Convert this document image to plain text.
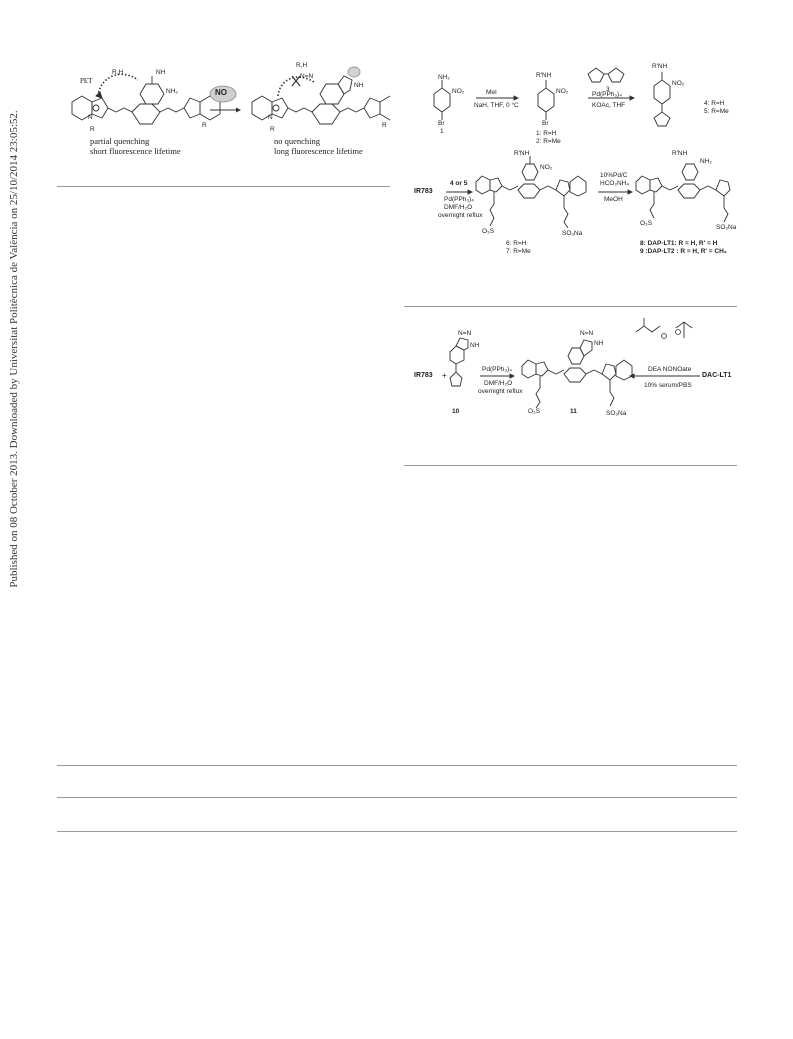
Published on 08 October 2013. Downloaded by Universitat Politècnica de València on 25/10/2014 23:05:52.
PET
NO
R,H	NH
NH₂
N
R
R
R,H
N=N
NH
N
R
R
partial quenching
short fluorescence lifetime
no quenching
long fluorescence lifetime
NH₂
NO₂
Br
1
MeI
NaH, THF, 0 °C
R'NH
NO₂
Br
1: R=H
2: R=Me
3
Pd(PPh₃)₄
KOAc, THF
R'NH
NO₂
4: R=H
5: R=Me
IR783
4 or 5
Pd(PPh₃)₄
DMF/H₂O
overnight reflux
R'NH
NO₂
O₃S	SO₃Na
6: R=H
7: R=Me
10%Pd/C
HCO₂NH₄
MeOH
R'NH
NH₂
O₃S
SO₃Na
8: DAP-LT1: R = H, R' = H
9 :DAP-LT2 : R = H, R' = CH₃
IR783 +
N=N
NH
10
Pd(PPh₃)₄
DMF/H₂O
overnight reflux
N=N
NH
O₃S	11	SO₃Na
DEA NONOate
10% serum/PBS
DAC-LT1
